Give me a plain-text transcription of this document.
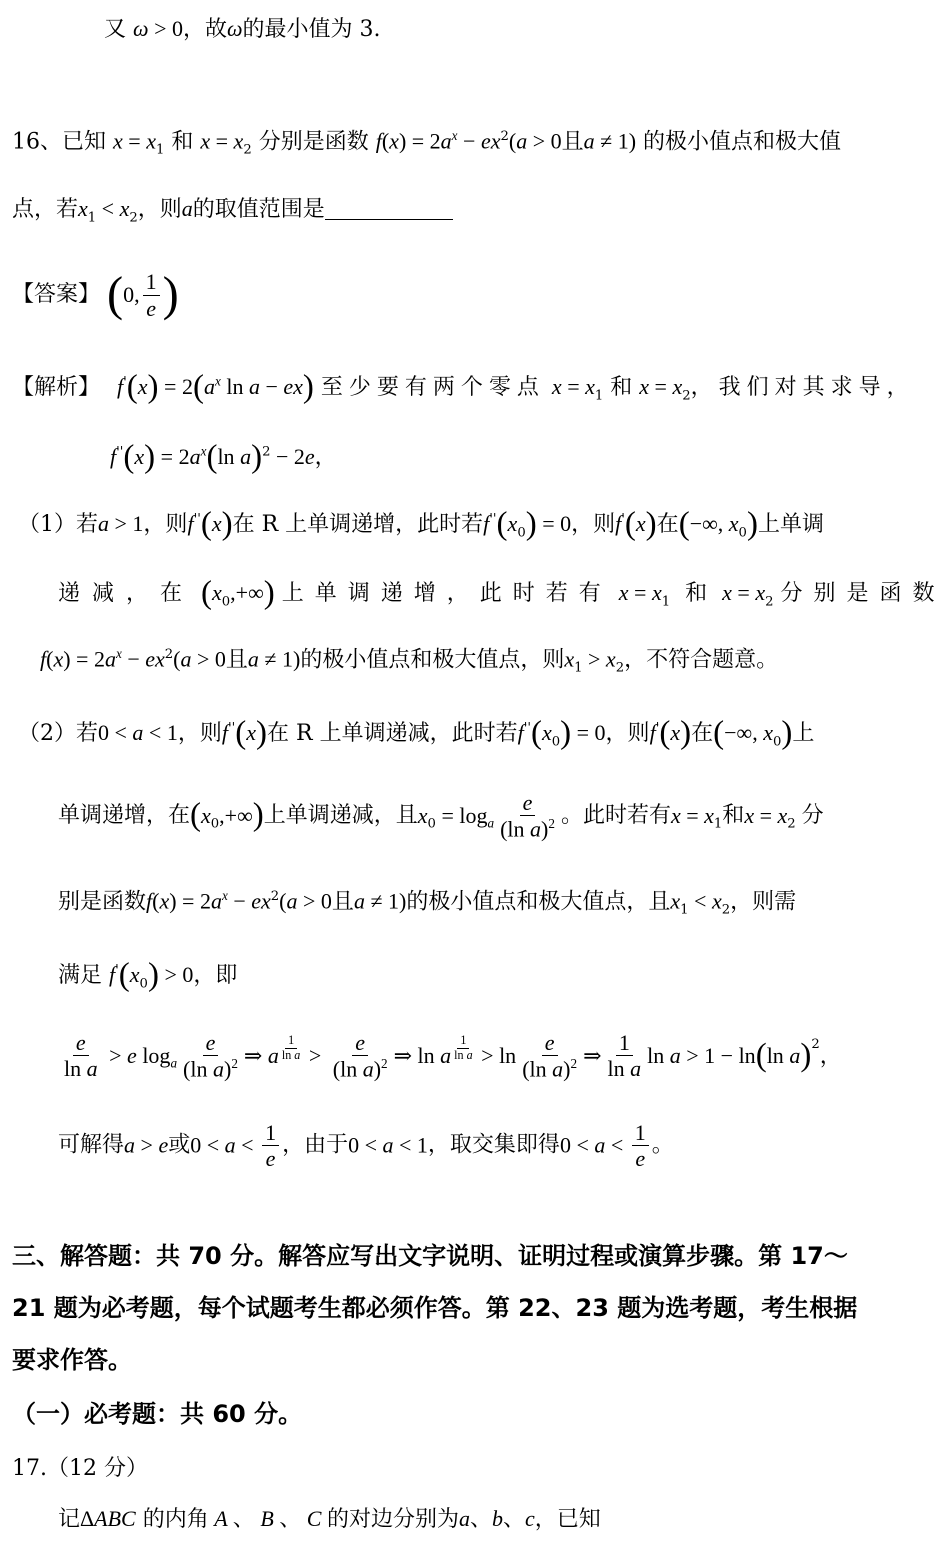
又 ω > 0，故ω的最小值为 3.
16、已知 $x = x_1$ 和 $x = x_2$ 分别是函数 $f(x) = 2a^x - ex^2(a > 0$且a ≠ 1) 的极小值点和极大值
点，若$x_1 < x_2$，则a的取值范围是
【答案】 (0, $\frac{1}{e}$ )
【解析】 $f'(x) = 2(a^x$ ln a − ex) 至少要有两个零点 $x = x_1$ 和 $x = x_2$，我们对其求导，
$f''(x) = 2a^x(\ln$ a)$^2$ − 2e，
（1）若a > 1，则f''(x)在 R 上单调递增，此时若$f''(x_0) = 0$，则f'(x)在(−∞, $x_0$)上单调
递减，在 $(x_0,+\infty)$ 上单调递增，此时若有 $x = x_1$ 和 $x = x_2$ 分别是函数
$f(x) = 2a^x - ex^2(a > 0$且a ≠ 1)的极小值点和极大值点，则$x_1 > x_2$，不符合题意。
（2）若0 < a < 1，则f''(x)在 R 上单调递减，此时若$f''(x_0) = 0$，则f'(x)在(−∞, $x_0$)上
单调递增，在$(x_0,+\infty)$上单调递减，且$x_0 = \log_a \frac{e}{(\ln a)^2}$ 。此时若有$x = x_1$和$x = x_2$ 分
别是函数$f(x) = 2a^x - ex^2(a > 0$且a ≠ 1)的极小值点和极大值点，且$x_1 < x_2$，则需
满足 $f'(x_0) > 0$，即
$\frac{e}{\text{ln a}} > e$ $\log_a \frac{e}{(\ln a)^2}$ ⇒ a $\frac{1}{\text{ln a}} > \frac{e}{(\ln a)^2}$ ⇒ ln a $\frac{1}{\text{ln a}} > \ln \frac{e}{(\ln a)^2}$ ⇒ $\frac{1}{\text{ln a}}$ ln a > 1 − ln(ln a)$^2$，
可解得a > e或$0 < a < \frac{1}{e}$ ，由于0 < a < 1，取交集即得$0 < a < \frac{1}{e}$ 。
三、解答题：共 70 分。解答应写出文字说明、证明过程或演算步骤。第 17～
21 题为必考题，每个试题考生都必须作答。第 22、23 题为选考题，考生根据
要求作答。
（一）必考题：共 60 分。
17.（12 分）
记ΔABC 的内角 A 、 B 、 C 的对边分别为a、b、c，已知
